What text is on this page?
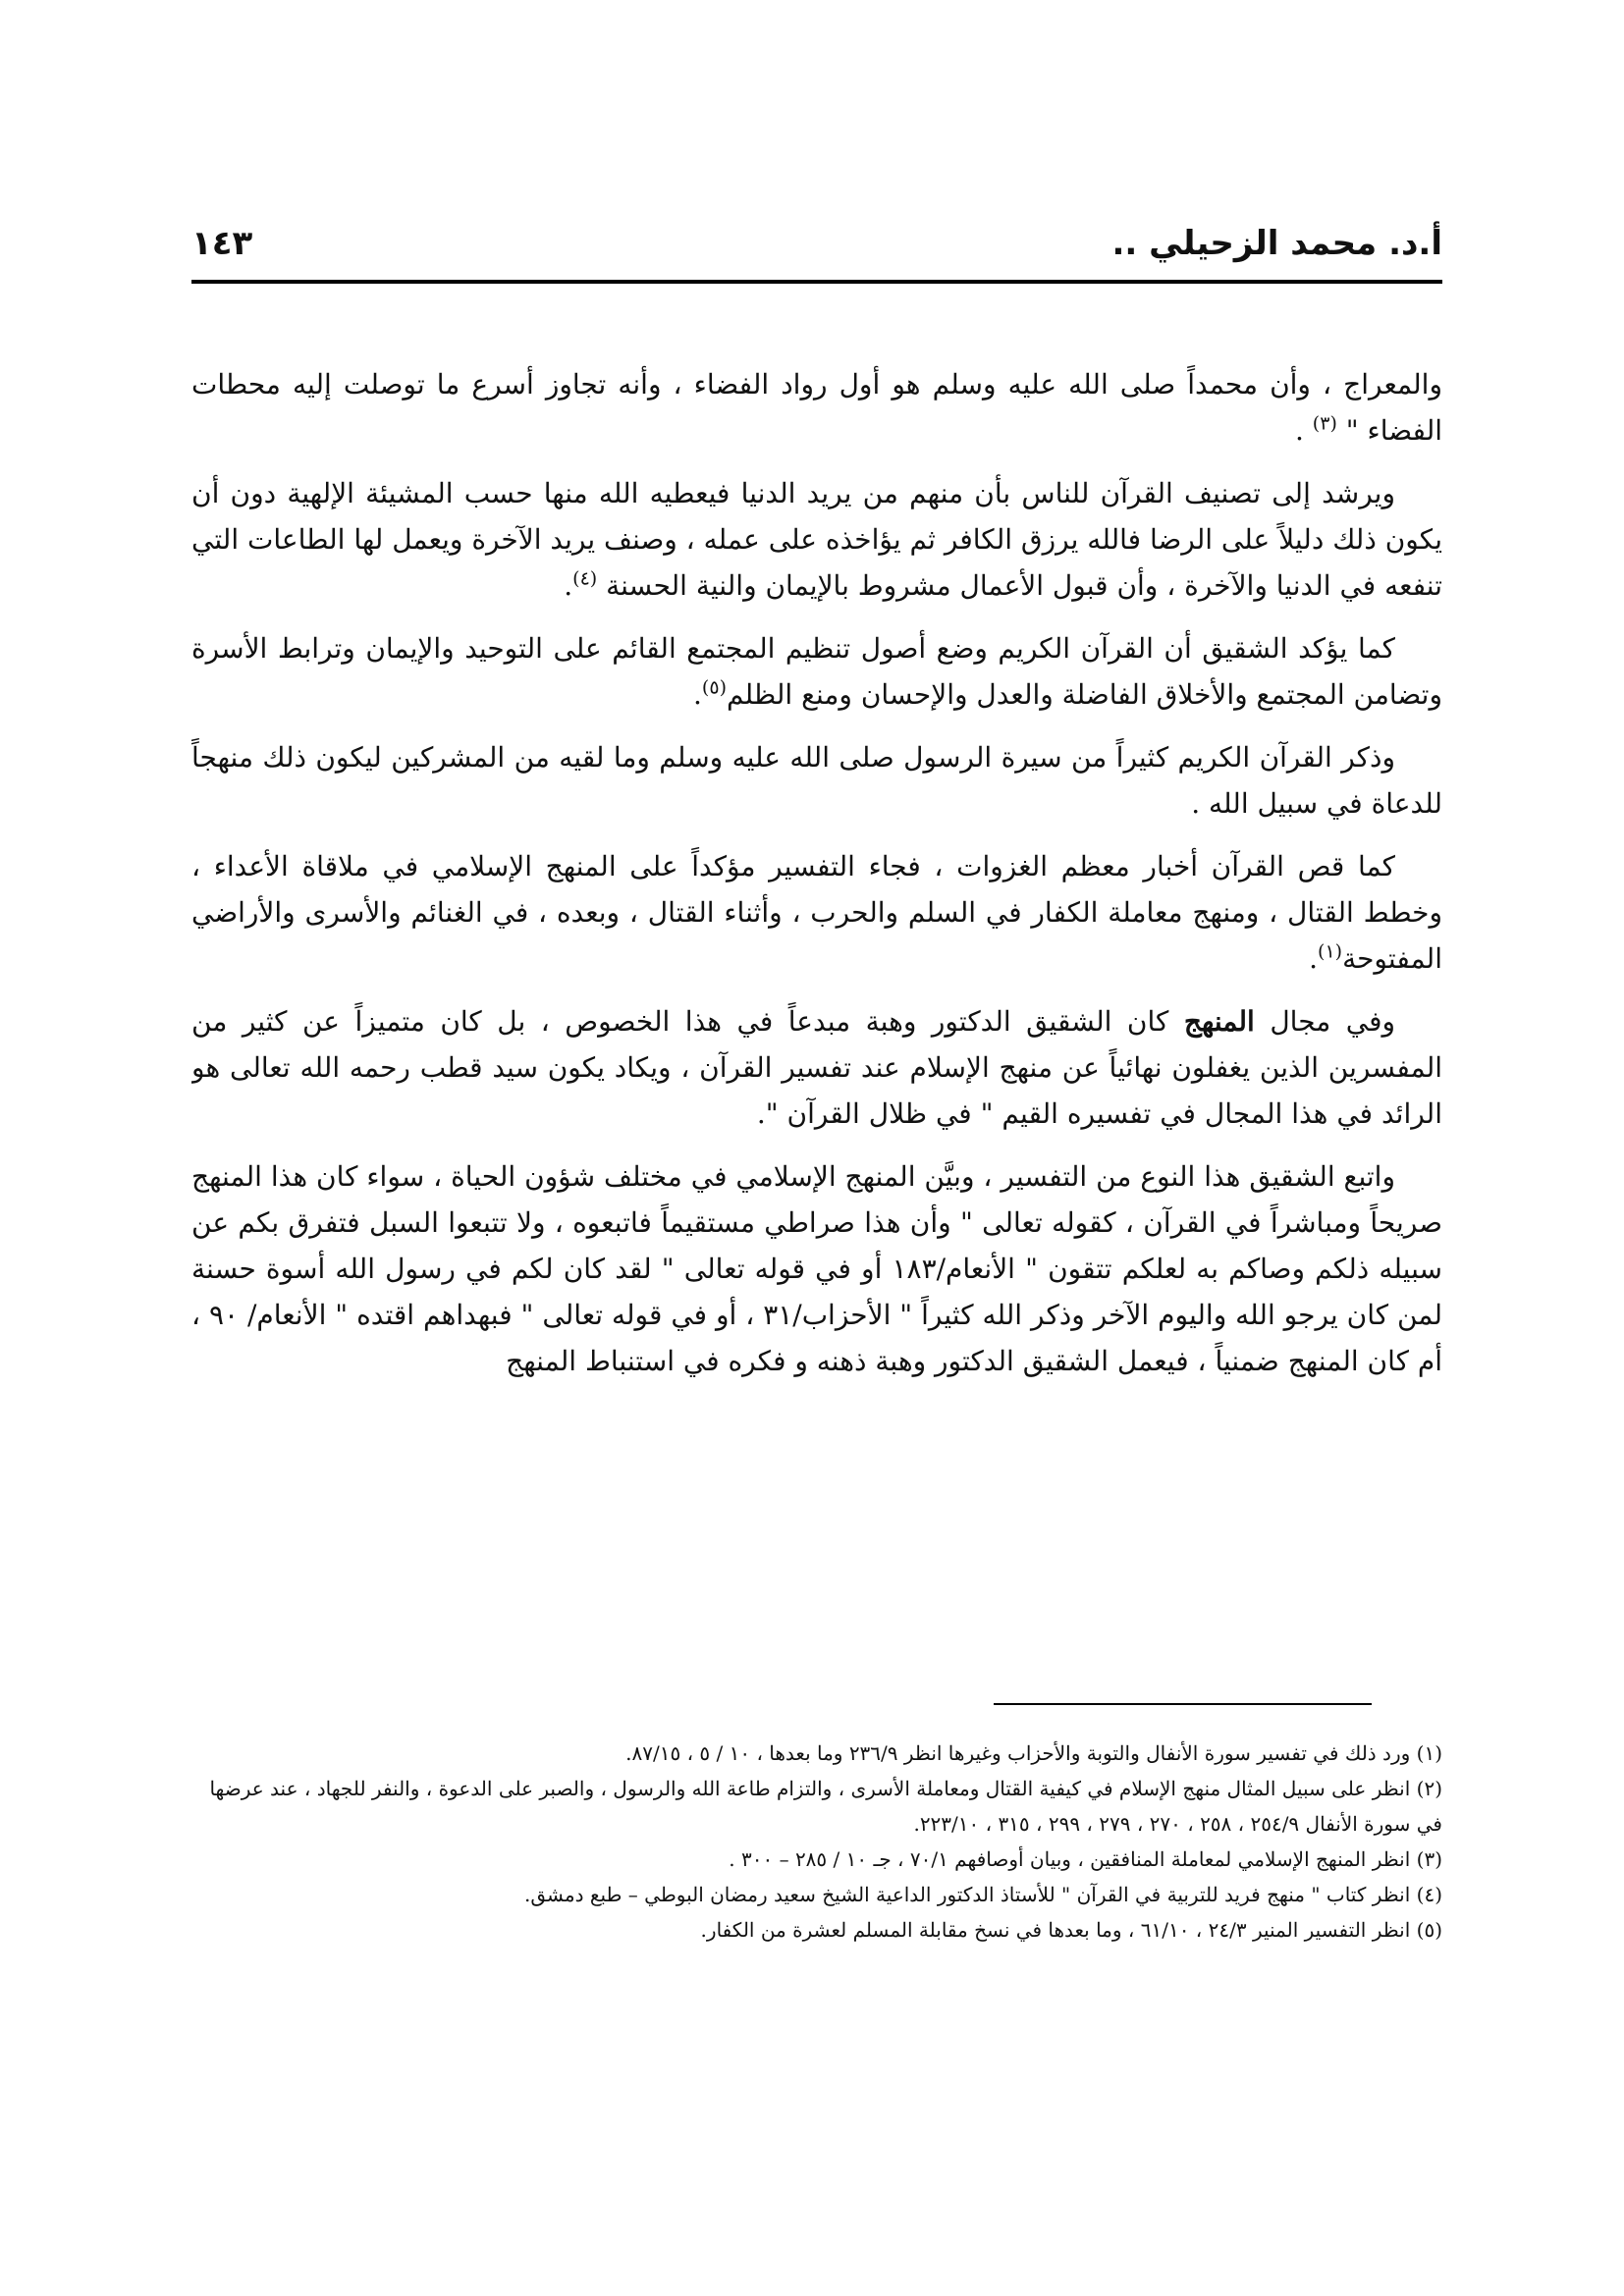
أ.د. محمد الزحيلي ..
١٤٣

والمعراج ، وأن محمداً صلى الله عليه وسلم هو أول رواد الفضاء ، وأنه تجاوز أسرع ما توصلت إليه محطات الفضاء " $^{(٣)}$ .

ويرشد إلى تصنيف القرآن للناس بأن منهم من يريد الدنيا فيعطيه الله منها حسب المشيئة الإلهية دون أن يكون ذلك دليلاً على الرضا فالله يرزق الكافر ثم يؤاخذه على عمله ، وصنف يريد الآخرة ويعمل لها الطاعات التي تنفعه في الدنيا والآخرة ، وأن قبول الأعمال مشروط بالإيمان والنية الحسنة $^{(٤)}$.

كما يؤكد الشقيق أن القرآن الكريم وضع أصول تنظيم المجتمع القائم على التوحيد والإيمان وترابط الأسرة وتضامن المجتمع والأخلاق الفاضلة والعدل والإحسان ومنع الظلم$^{(٥)}$.

وذكر القرآن الكريم كثيراً من سيرة الرسول صلى الله عليه وسلم وما لقيه من المشركين ليكون ذلك منهجاً للدعاة في سبيل الله .

كما قص القرآن أخبار معظم الغزوات ، فجاء التفسير مؤكداً على المنهج الإسلامي في ملاقاة الأعداء ، وخطط القتال ، ومنهج معاملة الكفار في السلم والحرب ، وأثناء القتال ، وبعده ، في الغنائم والأسرى والأراضي المفتوحة$^{(١)}$.

وفي مجال المنهج كان الشقيق الدكتور وهبة مبدعاً في هذا الخصوص ، بل كان متميزاً عن كثير من المفسرين الذين يغفلون نهائياً عن منهج الإسلام عند تفسير القرآن ، ويكاد يكون سيد قطب رحمه الله تعالى هو الرائد في هذا المجال في تفسيره القيم " في ظلال القرآن ".

واتبع الشقيق هذا النوع من التفسير ، وبيَّن المنهج الإسلامي في مختلف شؤون الحياة ، سواء كان هذا المنهج صريحاً ومباشراً في القرآن ، كقوله تعالى " وأن هذا صراطي مستقيماً فاتبعوه ، ولا تتبعوا السبل فتفرق بكم عن سبيله ذلكم وصاكم به لعلكم تتقون " الأنعام/١٨٣ أو في قوله تعالى " لقد كان لكم في رسول الله أسوة حسنة لمن كان يرجو الله واليوم الآخر وذكر الله كثيراً " الأحزاب/٣١ ، أو في قوله تعالى " فبهداهم اقتده " الأنعام/ ٩٠ ، أم كان المنهج ضمنياً ، فيعمل الشقيق الدكتور وهبة ذهنه و فكره في استنباط المنهج

(١) ورد ذلك في تفسير سورة الأنفال والتوبة والأحزاب وغيرها انظر ٢٣٦/٩ وما بعدها ، ١٠ / ٥ ، ٨٧/١٥.

(٢) انظر على سبيل المثال منهج الإسلام في كيفية القتال ومعاملة الأسرى ، والتزام طاعة الله والرسول ، والصبر على الدعوة ، والنفر للجهاد ، عند عرضها في سورة الأنفال ٢٥٤/٩ ، ٢٥٨ ، ٢٧٠ ، ٢٧٩ ، ٢٩٩ ، ٣١٥ ، ٢٢٣/١٠.

(٣) انظر المنهج الإسلامي لمعاملة المنافقين ، وبيان أوصافهم ٧٠/١ ، جـ ١٠ / ٢٨٥ – ٣٠٠ .

(٤) انظر كتاب " منهج فريد للتربية في القرآن " للأستاذ الدكتور الداعية الشيخ سعيد رمضان البوطي – طبع دمشق.

(٥) انظر التفسير المنير ٢٤/٣ ، ٦١/١٠ ، وما بعدها في نسخ مقابلة المسلم لعشرة من الكفار.
